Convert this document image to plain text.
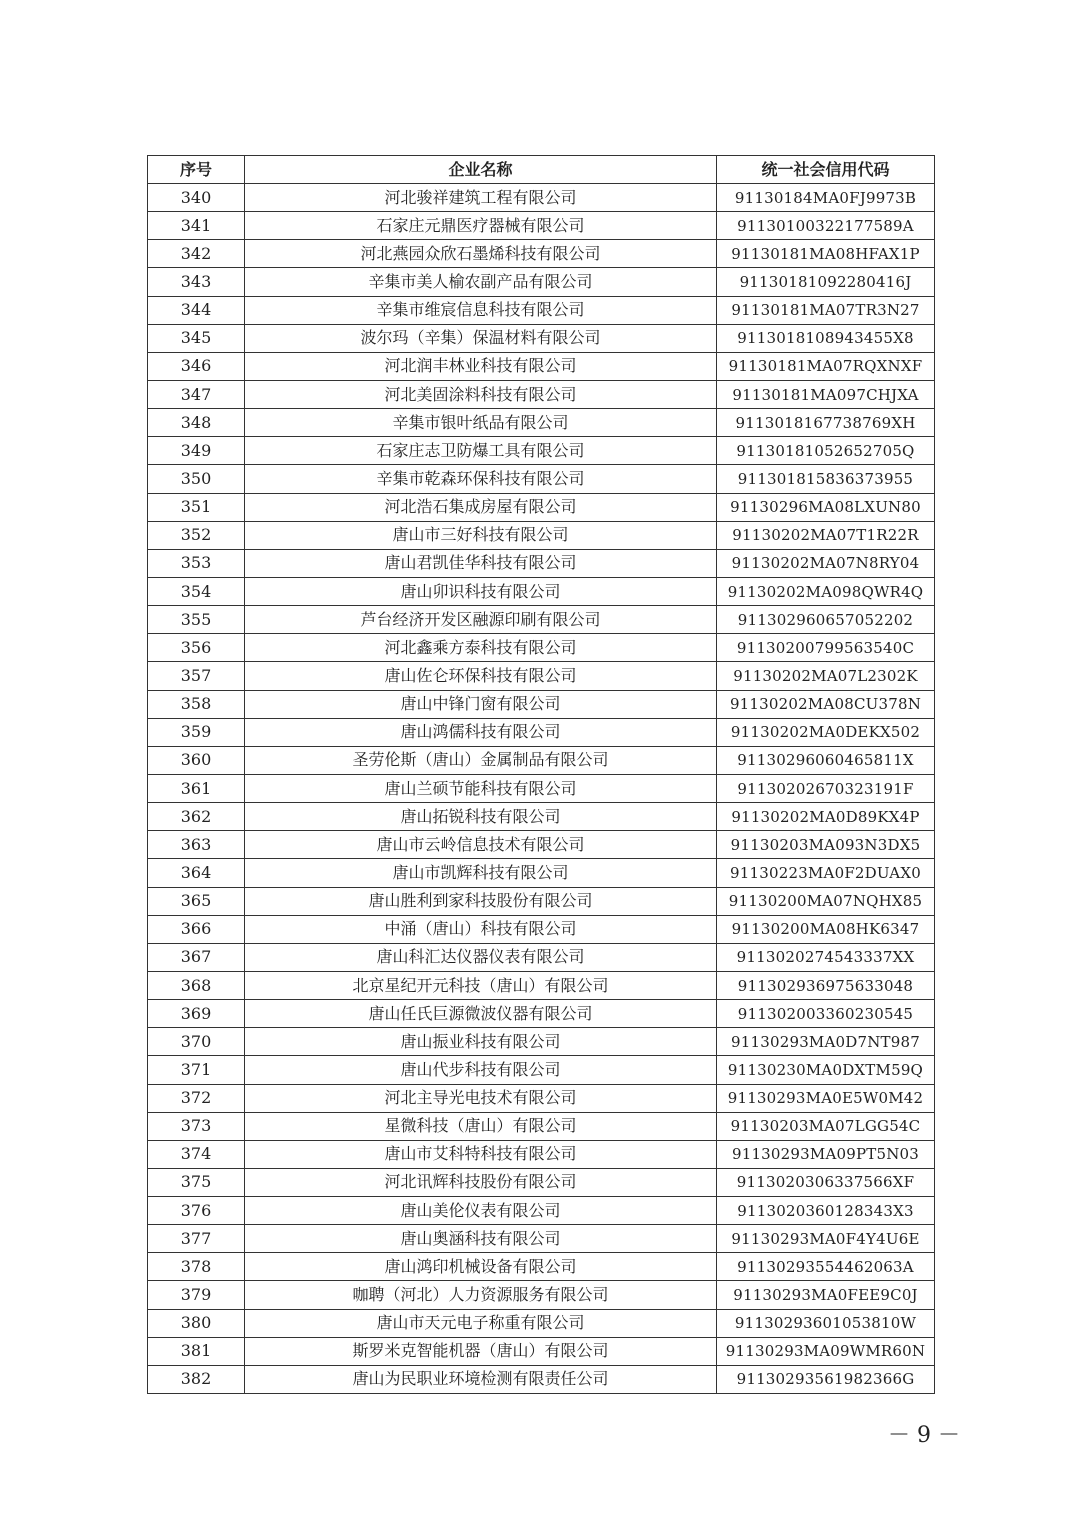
序号	企业名称	统一社会信用代码
340	河北骏祥建筑工程有限公司	91130184MA0FJ9973B
341	石家庄元鼎医疗器械有限公司	91130100322177589A
342	河北燕园众欣石墨烯科技有限公司	91130181MA08HFAX1P
343	辛集市美人榆农副产品有限公司	91130181092280416J
344	辛集市维宸信息科技有限公司	91130181MA07TR3N27
345	波尔玛（辛集）保温材料有限公司	9113018108943455X8
346	河北润丰林业科技有限公司	91130181MA07RQXNXF
347	河北美固涂料科技有限公司	91130181MA097CHJXA
348	辛集市银叶纸品有限公司	9113018167738769XH
349	石家庄志卫防爆工具有限公司	91130181052652705Q
350	辛集市乾森环保科技有限公司	911301815836373955
351	河北浩石集成房屋有限公司	91130296MA08LXUN80
352	唐山市三好科技有限公司	91130202MA07T1R22R
353	唐山君凯佳华科技有限公司	91130202MA07N8RY04
354	唐山卯识科技有限公司	91130202MA098QWR4Q
355	芦台经济开发区融源印刷有限公司	911302960657052202
356	河北鑫乘方泰科技有限公司	91130200799563540C
357	唐山佐仑环保科技有限公司	91130202MA07L2302K
358	唐山中锋门窗有限公司	91130202MA08CU378N
359	唐山鸿儒科技有限公司	91130202MA0DEKX502
360	圣劳伦斯（唐山）金属制品有限公司	91130296060465811X
361	唐山兰硕节能科技有限公司	91130202670323191F
362	唐山拓锐科技有限公司	91130202MA0D89KX4P
363	唐山市云岭信息技术有限公司	91130203MA093N3DX5
364	唐山市凯辉科技有限公司	91130223MA0F2DUAX0
365	唐山胜利到家科技股份有限公司	91130200MA07NQHX85
366	中涌（唐山）科技有限公司	91130200MA08HK6347
367	唐山科汇达仪器仪表有限公司	9113020274543337XX
368	北京星纪开元科技（唐山）有限公司	911302936975633048
369	唐山任氏巨源微波仪器有限公司	911302003360230545
370	唐山振业科技有限公司	91130293MA0D7NT987
371	唐山代步科技有限公司	91130230MA0DXTM59Q
372	河北主导光电技术有限公司	91130293MA0E5W0M42
373	星微科技（唐山）有限公司	91130203MA07LGG54C
374	唐山市艾科特科技有限公司	91130293MA09PT5N03
375	河北讯辉科技股份有限公司	9113020306337566XF
376	唐山美伦仪表有限公司	9113020360128343X3
377	唐山奥涵科技有限公司	91130293MA0F4Y4U6E
378	唐山鸿印机械设备有限公司	91130293554462063A
379	咖聘（河北）人力资源服务有限公司	91130293MA0FEE9C0J
380	唐山市天元电子称重有限公司	91130293601053810W
381	斯罗米克智能机器（唐山）有限公司	91130293MA09WMR60N
382	唐山为民职业环境检测有限责任公司	91130293561982366G
－ 9 －
